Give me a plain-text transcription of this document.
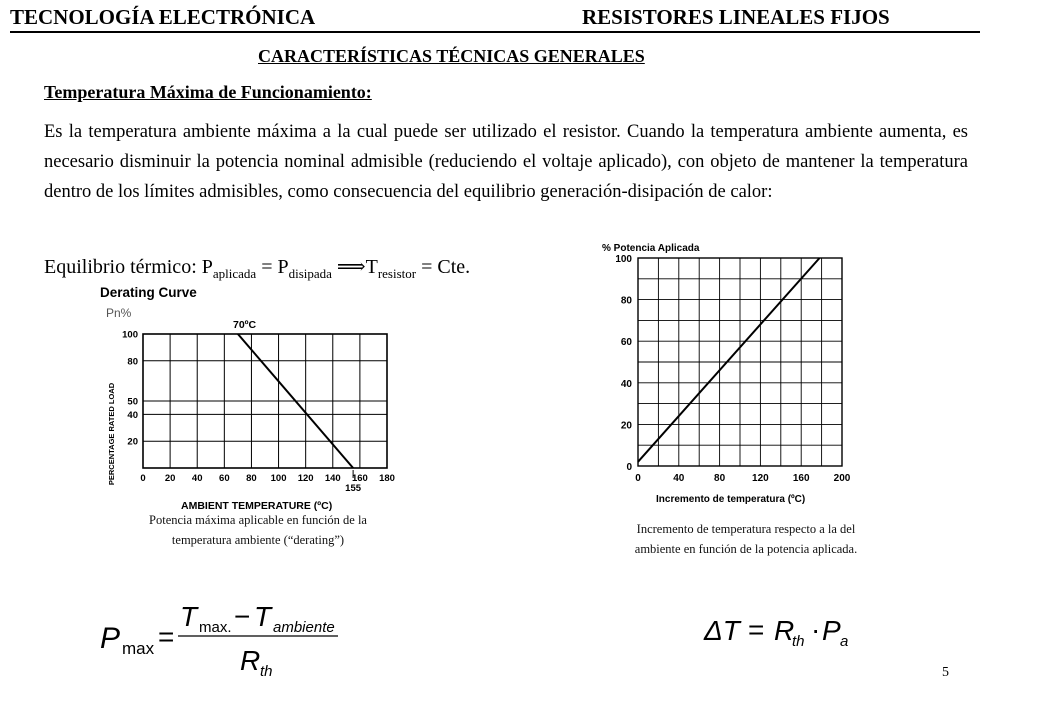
TECNOLOGÍA ELECTRÓNICA	RESISTORES LINEALES FIJOS
CARACTERÍSTICAS TÉCNICAS GENERALES
Temperatura Máxima de Funcionamiento:

Es la temperatura ambiente máxima a la cual puede ser utilizado el resistor. Cuando la temperatura ambiente aumenta, es necesario disminuir la potencia nominal admisible (reduciendo el voltaje aplicado), con objeto de mantener la temperatura dentro de los límites admisibles, como consecuencia del equilibrio generación-disipación de calor:

Equilibrio térmico: $P_{aplicada} = P_{disipada}$ $⟹T_{resistor}$ = Cte.
Derating Curve
Pn%
PERCENTAGE RATED LOAD
70ºC
AMBIENT TEMPERATURE (ºC)
0 20 40 60 80 100 120 140 160 180
20
40
50
80
100
155
% Potencia Aplicada
Incremento de temperatura (ºC)
0	40	80	120 160 200
0
20
40
60
80
100
Potencia máxima aplicable en función de la
temperatura ambiente (“derating”)
Incremento de temperatura respecto a la del
ambiente en función de la potencia aplicada.
P max =
T max. − T ambiente
R th
ΔT = R
th · P a
5
